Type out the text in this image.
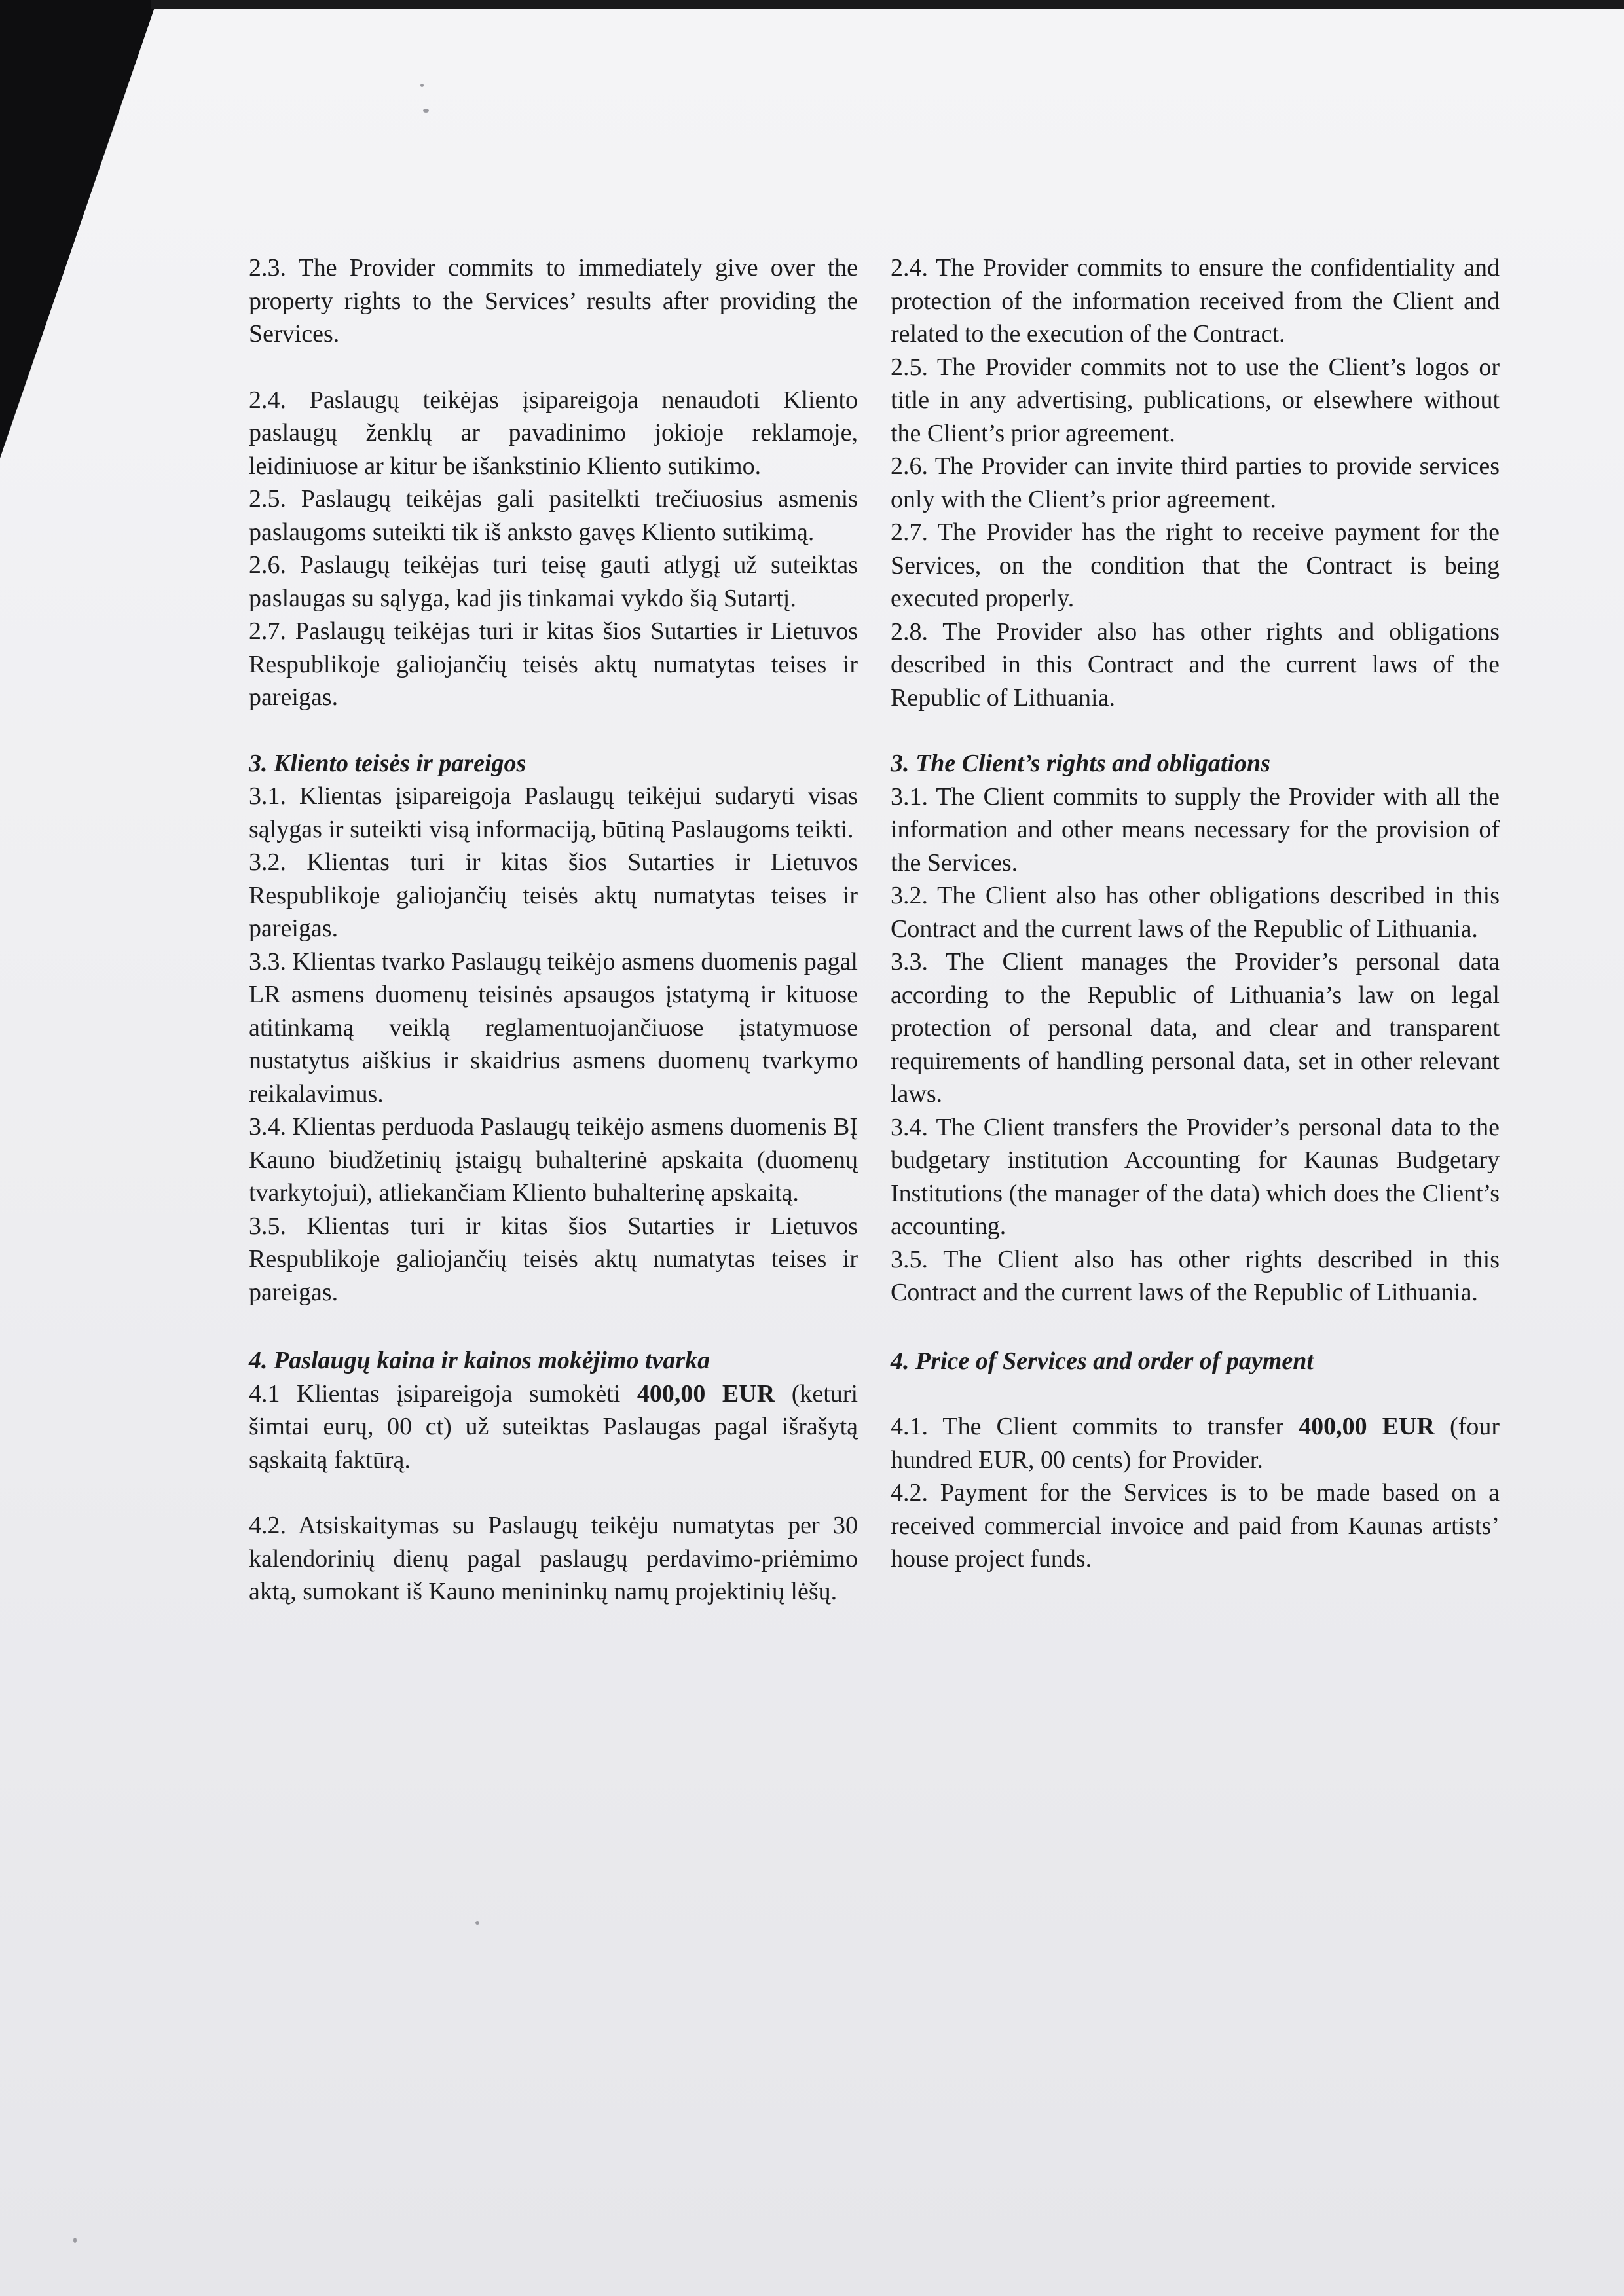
2.3. The Provider commits to immediately give over the property rights to the Services’ results after providing the Services.

2.4. Paslaugų teikėjas įsipareigoja nenaudoti Kliento paslaugų ženklų ar pavadinimo jokioje reklamoje, leidiniuose ar kitur be išankstinio Kliento sutikimo.

2.5. Paslaugų teikėjas gali pasitelkti trečiuosius asmenis paslaugoms suteikti tik iš anksto gavęs Kliento sutikimą.

2.6. Paslaugų teikėjas turi teisę gauti atlygį už suteiktas paslaugas su sąlyga, kad jis tinkamai vykdo šią Sutartį.

2.7. Paslaugų teikėjas turi ir kitas šios Sutarties ir Lietuvos Respublikoje galiojančių teisės aktų numatytas teises ir pareigas.

3. Kliento teisės ir pareigos

3.1. Klientas įsipareigoja Paslaugų teikėjui sudaryti visas sąlygas ir suteikti visą informaciją, būtiną Paslaugoms teikti.

3.2. Klientas turi ir kitas šios Sutarties ir Lietuvos Respublikoje galiojančių teisės aktų numatytas teises ir pareigas.

3.3. Klientas tvarko Paslaugų teikėjo asmens duomenis pagal LR asmens duomenų teisinės apsaugos įstatymą ir kituose atitinkamą veiklą reglamentuojančiuose įstatymuose nustatytus aiškius ir skaidrius asmens duomenų tvarkymo reikalavimus.

3.4. Klientas perduoda Paslaugų teikėjo asmens duomenis BĮ Kauno biudžetinių įstaigų buhalterinė apskaita (duomenų tvarkytojui), atliekančiam Kliento buhalterinę apskaitą.

3.5. Klientas turi ir kitas šios Sutarties ir Lietuvos Respublikoje galiojančių teisės aktų numatytas teises ir pareigas.

4. Paslaugų kaina ir kainos mokėjimo tvarka

4.1 Klientas įsipareigoja sumokėti 400,00 EUR (keturi šimtai eurų, 00 ct) už suteiktas Paslaugas pagal išrašytą sąskaitą faktūrą.

4.2. Atsiskaitymas su Paslaugų teikėju numatytas per 30 kalendorinių dienų pagal paslaugų perdavimo-priėmimo aktą, sumokant iš Kauno menininkų namų projektinių lėšų.

2.4. The Provider commits to ensure the confidentiality and protection of the information received from the Client and related to the execution of the Contract.

2.5. The Provider commits not to use the Client’s logos or title in any advertising, publications, or elsewhere without the Client’s prior agreement.

2.6. The Provider can invite third parties to provide services only with the Client’s prior agreement.

2.7. The Provider has the right to receive payment for the Services, on the condition that the Contract is being executed properly.

2.8. The Provider also has other rights and obligations described in this Contract and the current laws of the Republic of Lithuania.

3. The Client’s rights and obligations

3.1. The Client commits to supply the Provider with all the information and other means necessary for the provision of the Services.

3.2. The Client also has other obligations described in this Contract and the current laws of the Republic of Lithuania.

3.3. The Client manages the Provider’s personal data according to the Republic of Lithuania’s law on legal protection of personal data, and clear and transparent requirements of handling personal data, set in other relevant laws.

3.4. The Client transfers the Provider’s personal data to the budgetary institution Accounting for Kaunas Budgetary Institutions (the manager of the data) which does the Client’s accounting.

3.5. The Client also has other rights described in this Contract and the current laws of the Republic of Lithuania.

4. Price of Services and order of payment

4.1. The Client commits to transfer 400,00 EUR (four hundred EUR, 00 cents) for Provider.

4.2. Payment for the Services is to be made based on a received commercial invoice and paid from Kaunas artists’ house project funds.
